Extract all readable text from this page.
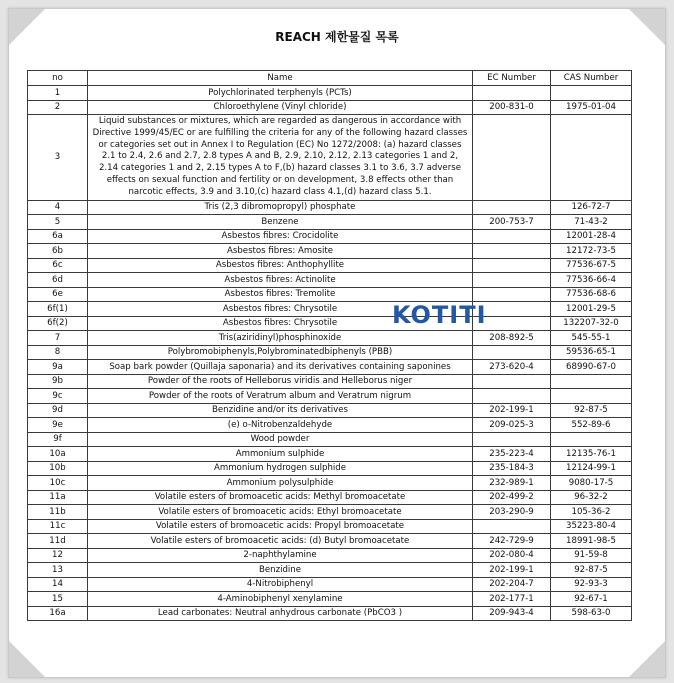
REACH 제한물질 목록
no	Name	EC Number	CAS Number
1	Polychlorinated terphenyls (PCTs)		
2	Chloroethylene (Vinyl chloride)	200-831-0	1975-01-04
3	Liquid substances or mixtures, which are regarded as dangerous in accordance with Directive 1999/45/EC or are fulfilling the criteria for any of the following hazard classes or categories set out in Annex I to Regulation (EC) No 1272/2008: (a) hazard classes 2.1 to 2.4, 2.6 and 2.7, 2.8 types A and B, 2.9, 2.10, 2.12, 2.13 categories 1 and 2, 2.14 categories 1 and 2, 2.15 types A to F,(b) hazard classes 3.1 to 3.6, 3.7 adverse effects on sexual function and fertility or on development, 3.8 effects other than narcotic effects, 3.9 and 3.10,(c) hazard class 4.1,(d) hazard class 5.1.		
4	Tris (2,3 dibromopropyl) phosphate		126-72-7
5	Benzene	200-753-7	71-43-2
6a	Asbestos fibres: Crocidolite		12001-28-4
6b	Asbestos fibres: Amosite		12172-73-5
6c	Asbestos fibres: Anthophyllite		77536-67-5
6d	Asbestos fibres: Actinolite		77536-66-4
6e	Asbestos fibres: Tremolite		77536-68-6
6f(1)	Asbestos fibres: Chrysotile		12001-29-5
6f(2)	Asbestos fibres: Chrysotile		132207-32-0
7	Tris(aziridinyl)phosphinoxide	208-892-5	545-55-1
8	Polybromobiphenyls,Polybrominatedbiphenyls (PBB)		59536-65-1
9a	Soap bark powder (Quillaja saponaria) and its derivatives containing saponines	273-620-4	68990-67-0
9b	Powder of the roots of Helleborus viridis and Helleborus niger		
9c	Powder of the roots of Veratrum album and Veratrum nigrum		
9d	Benzidine and/or its derivatives	202-199-1	92-87-5
9e	(e) o-Nitrobenzaldehyde	209-025-3	552-89-6
9f	Wood powder		
10a	Ammonium sulphide	235-223-4	12135-76-1
10b	Ammonium hydrogen sulphide	235-184-3	12124-99-1
10c	Ammonium polysulphide	232-989-1	9080-17-5
11a	Volatile esters of bromoacetic acids: Methyl bromoacetate	202-499-2	96-32-2
11b	Volatile esters of bromoacetic acids: Ethyl bromoacetate	203-290-9	105-36-2
11c	Volatile esters of bromoacetic acids: Propyl bromoacetate		35223-80-4
11d	Volatile esters of bromoacetic acids: (d) Butyl bromoacetate	242-729-9	18991-98-5
12	2-naphthylamine	202-080-4	91-59-8
13	Benzidine	202-199-1	92-87-5
14	4-Nitrobiphenyl	202-204-7	92-93-3
15	4-Aminobiphenyl xenylamine	202-177-1	92-67-1
16a	Lead carbonates: Neutral anhydrous carbonate (PbCO3 )	209-943-4	598-63-0
KOTITI
